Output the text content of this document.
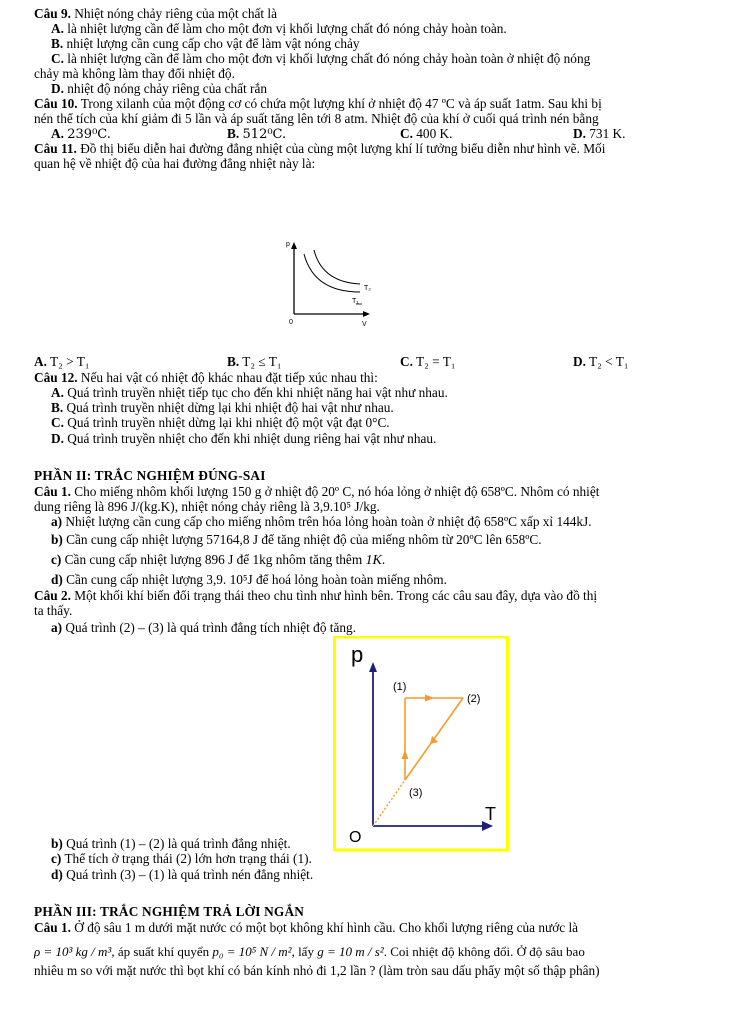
Câu 9. Nhiệt nóng chảy riêng của một chất là
A. là nhiệt lượng cần để làm cho một đơn vị khối lượng chất đó nóng chảy hoàn toàn.
B. nhiệt lượng cần cung cấp cho vật để làm vật nóng chảy
C. là nhiệt lượng cần để làm cho một đơn vị khối lượng chất đó nóng chảy hoàn toàn ở nhiệt độ nóng
chảy mà không làm thay đổi nhiệt độ.
D. nhiệt độ nóng chảy riêng của chất rắn
Câu 10. Trong xilanh của một động cơ có chứa một lượng khí ở nhiệt độ 47 ºC và áp suất 1atm. Sau khi bị
nén thể tích của khí giảm đi 5 lần và áp suất tăng lên tới 8 atm. Nhiệt độ của khí ở cuối quá trình nén bằng
A. 239⁰C.	B. 512⁰C.	C. 400 K.	D. 731 K.
Câu 11. Đồ thị biểu diễn hai đường đẳng nhiệt của cùng một lượng khí lí tưởng biểu diễn như hình vẽ. Mối
quan hệ về nhiệt độ của hai đường đẳng nhiệt này là:
p
T₂
T₁
0	V
A. T₂ > T₁	B. T₂ ≤ T₁	C. T₂ = T₁	D. T₂ < T₁
Câu 12. Nếu hai vật có nhiệt độ khác nhau đặt tiếp xúc nhau thì:
A. Quá trình truyền nhiệt tiếp tục cho đến khi nhiệt năng hai vật như nhau.
B. Quá trình truyền nhiệt dừng lại khi nhiệt độ hai vật như nhau.
C. Quá trình truyền nhiệt dừng lại khi nhiệt độ một vật đạt 0°C.
D. Quá trình truyền nhiệt cho đến khi nhiệt dung riêng hai vật như nhau.
PHẦN II: TRẮC NGHIỆM ĐÚNG-SAI
Câu 1. Cho miếng nhôm khối lượng 150 g ở nhiệt độ 20º C, nó hóa lỏng ở nhiệt độ 658ºC. Nhôm có nhiệt
dung riêng là 896 J/(kg.K), nhiệt nóng chảy riêng là 3,9.10⁵ J/kg.
a) Nhiệt lượng cần cung cấp cho miếng nhôm trên hóa lỏng hoàn toàn ở nhiệt độ 658ºC xấp xỉ 144kJ.
b) Cần cung cấp nhiệt lượng 57164,8 J để tăng nhiệt độ của miếng nhôm từ 20ºC lên 658ºC.
c) Cần cung cấp nhiệt lượng 896 J để 1kg nhôm tăng thêm 1K.
d) Cần cung cấp nhiệt lượng 3,9. 10⁵J để hoá lỏng hoàn toàn miếng nhôm.
Câu 2. Một khối khí biến đổi trạng thái theo chu tình như hình bên. Trong các câu sau đây, dựa vào đồ thị
ta thấy.
a) Quá trình (2) – (3) là quá trình đẳng tích nhiệt độ tăng.
p
(1)
(2)
(3)
T
O
b) Quá trình (1) – (2) là quá trình đẳng nhiệt.
c) Thể tích ở trạng thái (2) lớn hơn trạng thái (1).
d) Quá trình (3) – (1) là quá trình nén đẳng nhiệt.
PHẦN III: TRẮC NGHIỆM TRẢ LỜI NGẮN
Câu 1. Ở độ sâu 1 m dưới mặt nước có một bọt không khí hình cầu. Cho khối lượng riêng của nước là
ρ = 10³ kg / m³, áp suất khí quyển p₀ = 10⁵ N / m², lấy g = 10 m / s². Coi nhiệt độ không đổi. Ở độ sâu bao
nhiêu m so với mặt nước thì bọt khí có bán kính nhỏ đi 1,2 lần ? (làm tròn sau dấu phẩy một số thập phân)
